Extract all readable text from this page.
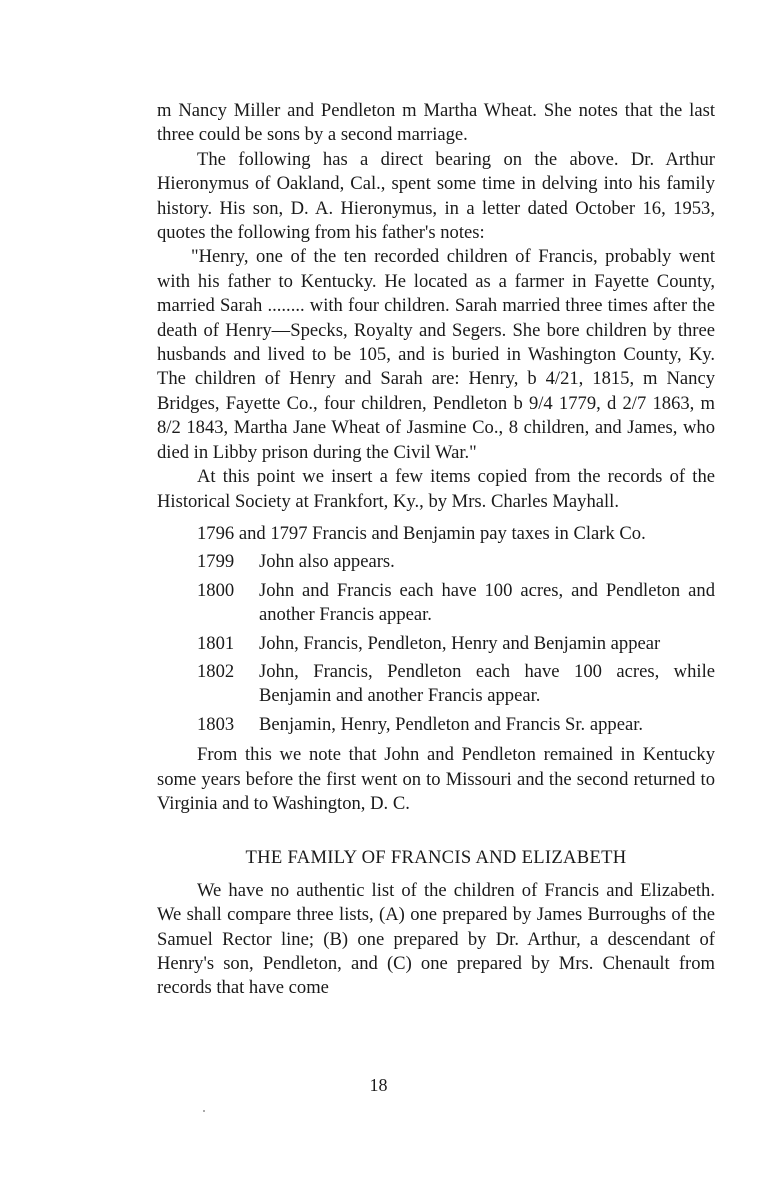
m Nancy Miller and Pendleton m Martha Wheat. She notes that the last three could be sons by a second marriage.

The following has a direct bearing on the above. Dr. Arthur Hieronymus of Oakland, Cal., spent some time in delving into his family history. His son, D. A. Hieronymus, in a letter dated October 16, 1953, quotes the following from his father's notes:

"Henry, one of the ten recorded children of Francis, probably went with his father to Kentucky. He located as a farmer in Fayette County, married Sarah ........ with four children. Sarah married three times after the death of Henry—Specks, Royalty and Segers. She bore children by three husbands and lived to be 105, and is buried in Washington County, Ky. The children of Henry and Sarah are: Henry, b 4/21, 1815, m Nancy Bridges, Fayette Co., four children, Pendleton b 9/4 1779, d 2/7 1863, m 8/2 1843, Martha Jane Wheat of Jasmine Co., 8 children, and James, who died in Libby prison during the Civil War."

At this point we insert a few items copied from the records of the Historical Society at Frankfort, Ky., by Mrs. Charles Mayhall.

1796 and 1797 Francis and Benjamin pay taxes in Clark Co.
1799	John also appears.
1800	John and Francis each have 100 acres, and Pendleton and another Francis appear.
1801	John, Francis, Pendleton, Henry and Benjamin appear
1802	John, Francis, Pendleton each have 100 acres, while Benjamin and another Francis appear.
1803	Benjamin, Henry, Pendleton and Francis Sr. appear.

From this we note that John and Pendleton remained in Kentucky some years before the first went on to Missouri and the second returned to Virginia and to Washington, D. C.

THE FAMILY OF FRANCIS AND ELIZABETH

We have no authentic list of the children of Francis and Elizabeth. We shall compare three lists, (A) one prepared by James Burroughs of the Samuel Rector line; (B) one prepared by Dr. Arthur, a descendant of Henry's son, Pendleton, and (C) one prepared by Mrs. Chenault from records that have come

18
